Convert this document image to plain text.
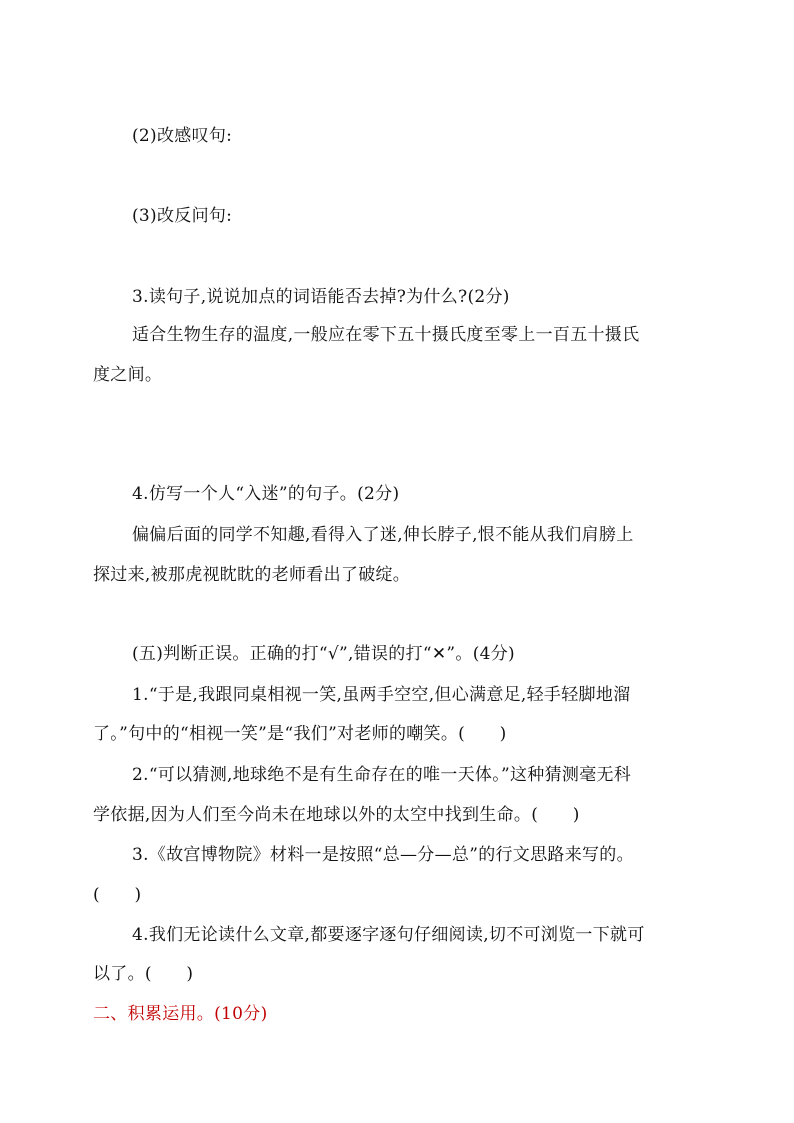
(2)改感叹句:
(3)改反问句:
3.读句子,说说加点的词语能否去掉?为什么?(2分)
适合生物生存的温度,一般应在零下五十摄氏度至零上一百五十摄氏
度之间。
4.仿写一个人“入迷”的句子。(2分)
偏偏后面的同学不知趣,看得入了迷,伸长脖子,恨不能从我们肩膀上
探过来,被那虎视眈眈的老师看出了破绽。
(五)判断正误。正确的打“√”,错误的打“✕”。(4分)
1.“于是,我跟同桌相视一笑,虽两手空空,但心满意足,轻手轻脚地溜
了。”句中的“相视一笑”是“我们”对老师的嘲笑。(　　)
2.“可以猜测,地球绝不是有生命存在的唯一天体。”这种猜测毫无科
学依据,因为人们至今尚未在地球以外的太空中找到生命。(　　)
3.《故宫博物院》材料一是按照“总—分—总”的行文思路来写的。
(　　)
4.我们无论读什么文章,都要逐字逐句仔细阅读,切不可浏览一下就可
以了。(　　)
二、积累运用。(10分)
